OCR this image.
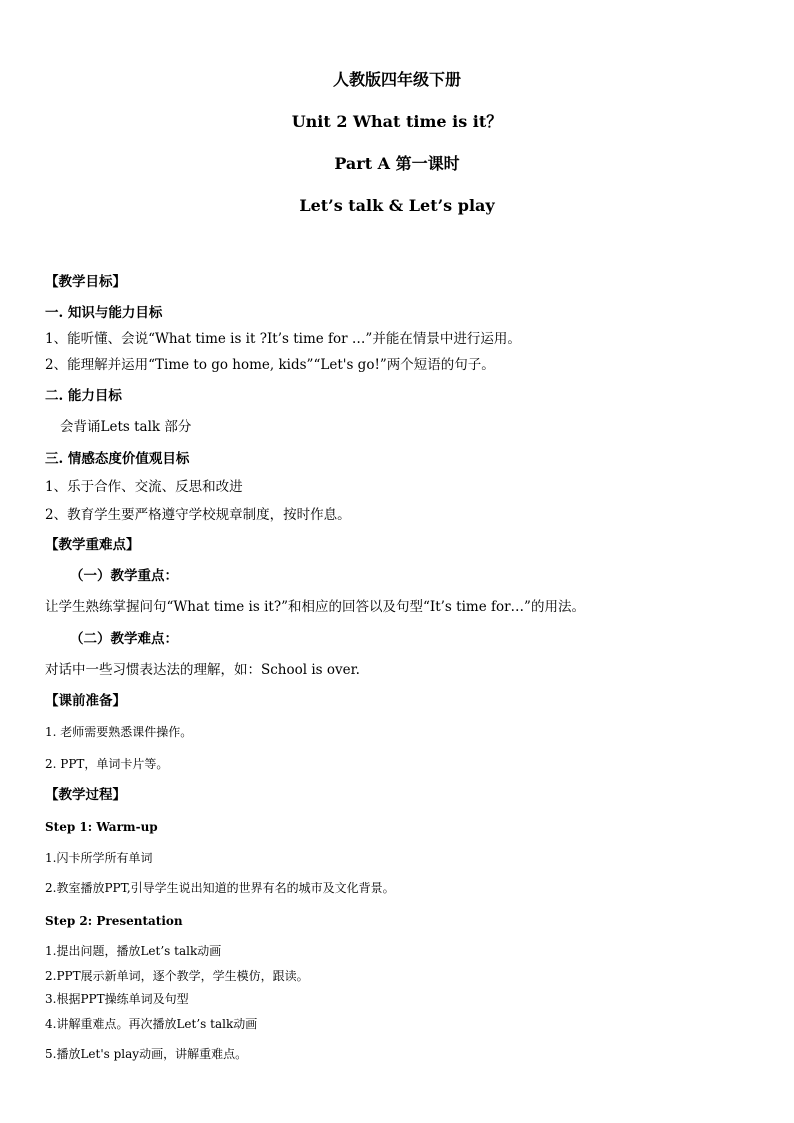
人教版四年级下册
Unit 2 What time is it？
Part A 第一课时
Let’s talk & Let’s play
【教学目标】
一. 知识与能力目标
1、能听懂、会说“What time is it ?It’s time for …”并能在情景中进行运用。
2、能理解并运用“Time to go home, kids”“Let's go!”两个短语的句子。
二. 能力目标
会背诵Lets talk 部分
三. 情感态度价值观目标
1、乐于合作、交流、反思和改进
2、教育学生要严格遵守学校规章制度，按时作息。
【教学重难点】
（一）教学重点：
让学生熟练掌握问句“What time is it?”和相应的回答以及句型“It’s time for…”的用法。
（二）教学难点：
对话中一些习惯表达法的理解，如：School is over.
【课前准备】
1. 老师需要熟悉课件操作。
2. PPT，单词卡片等。
【教学过程】
Step 1: Warm-up
1.闪卡所学所有单词
2.教室播放PPT,引导学生说出知道的世界有名的城市及文化背景。
Step 2: Presentation
1.提出问题，播放Let’s talk动画
2.PPT展示新单词，逐个教学，学生模仿，跟读。
3.根据PPT操练单词及句型
4.讲解重难点。再次播放Let’s talk动画
5.播放Let's play动画，讲解重难点。
